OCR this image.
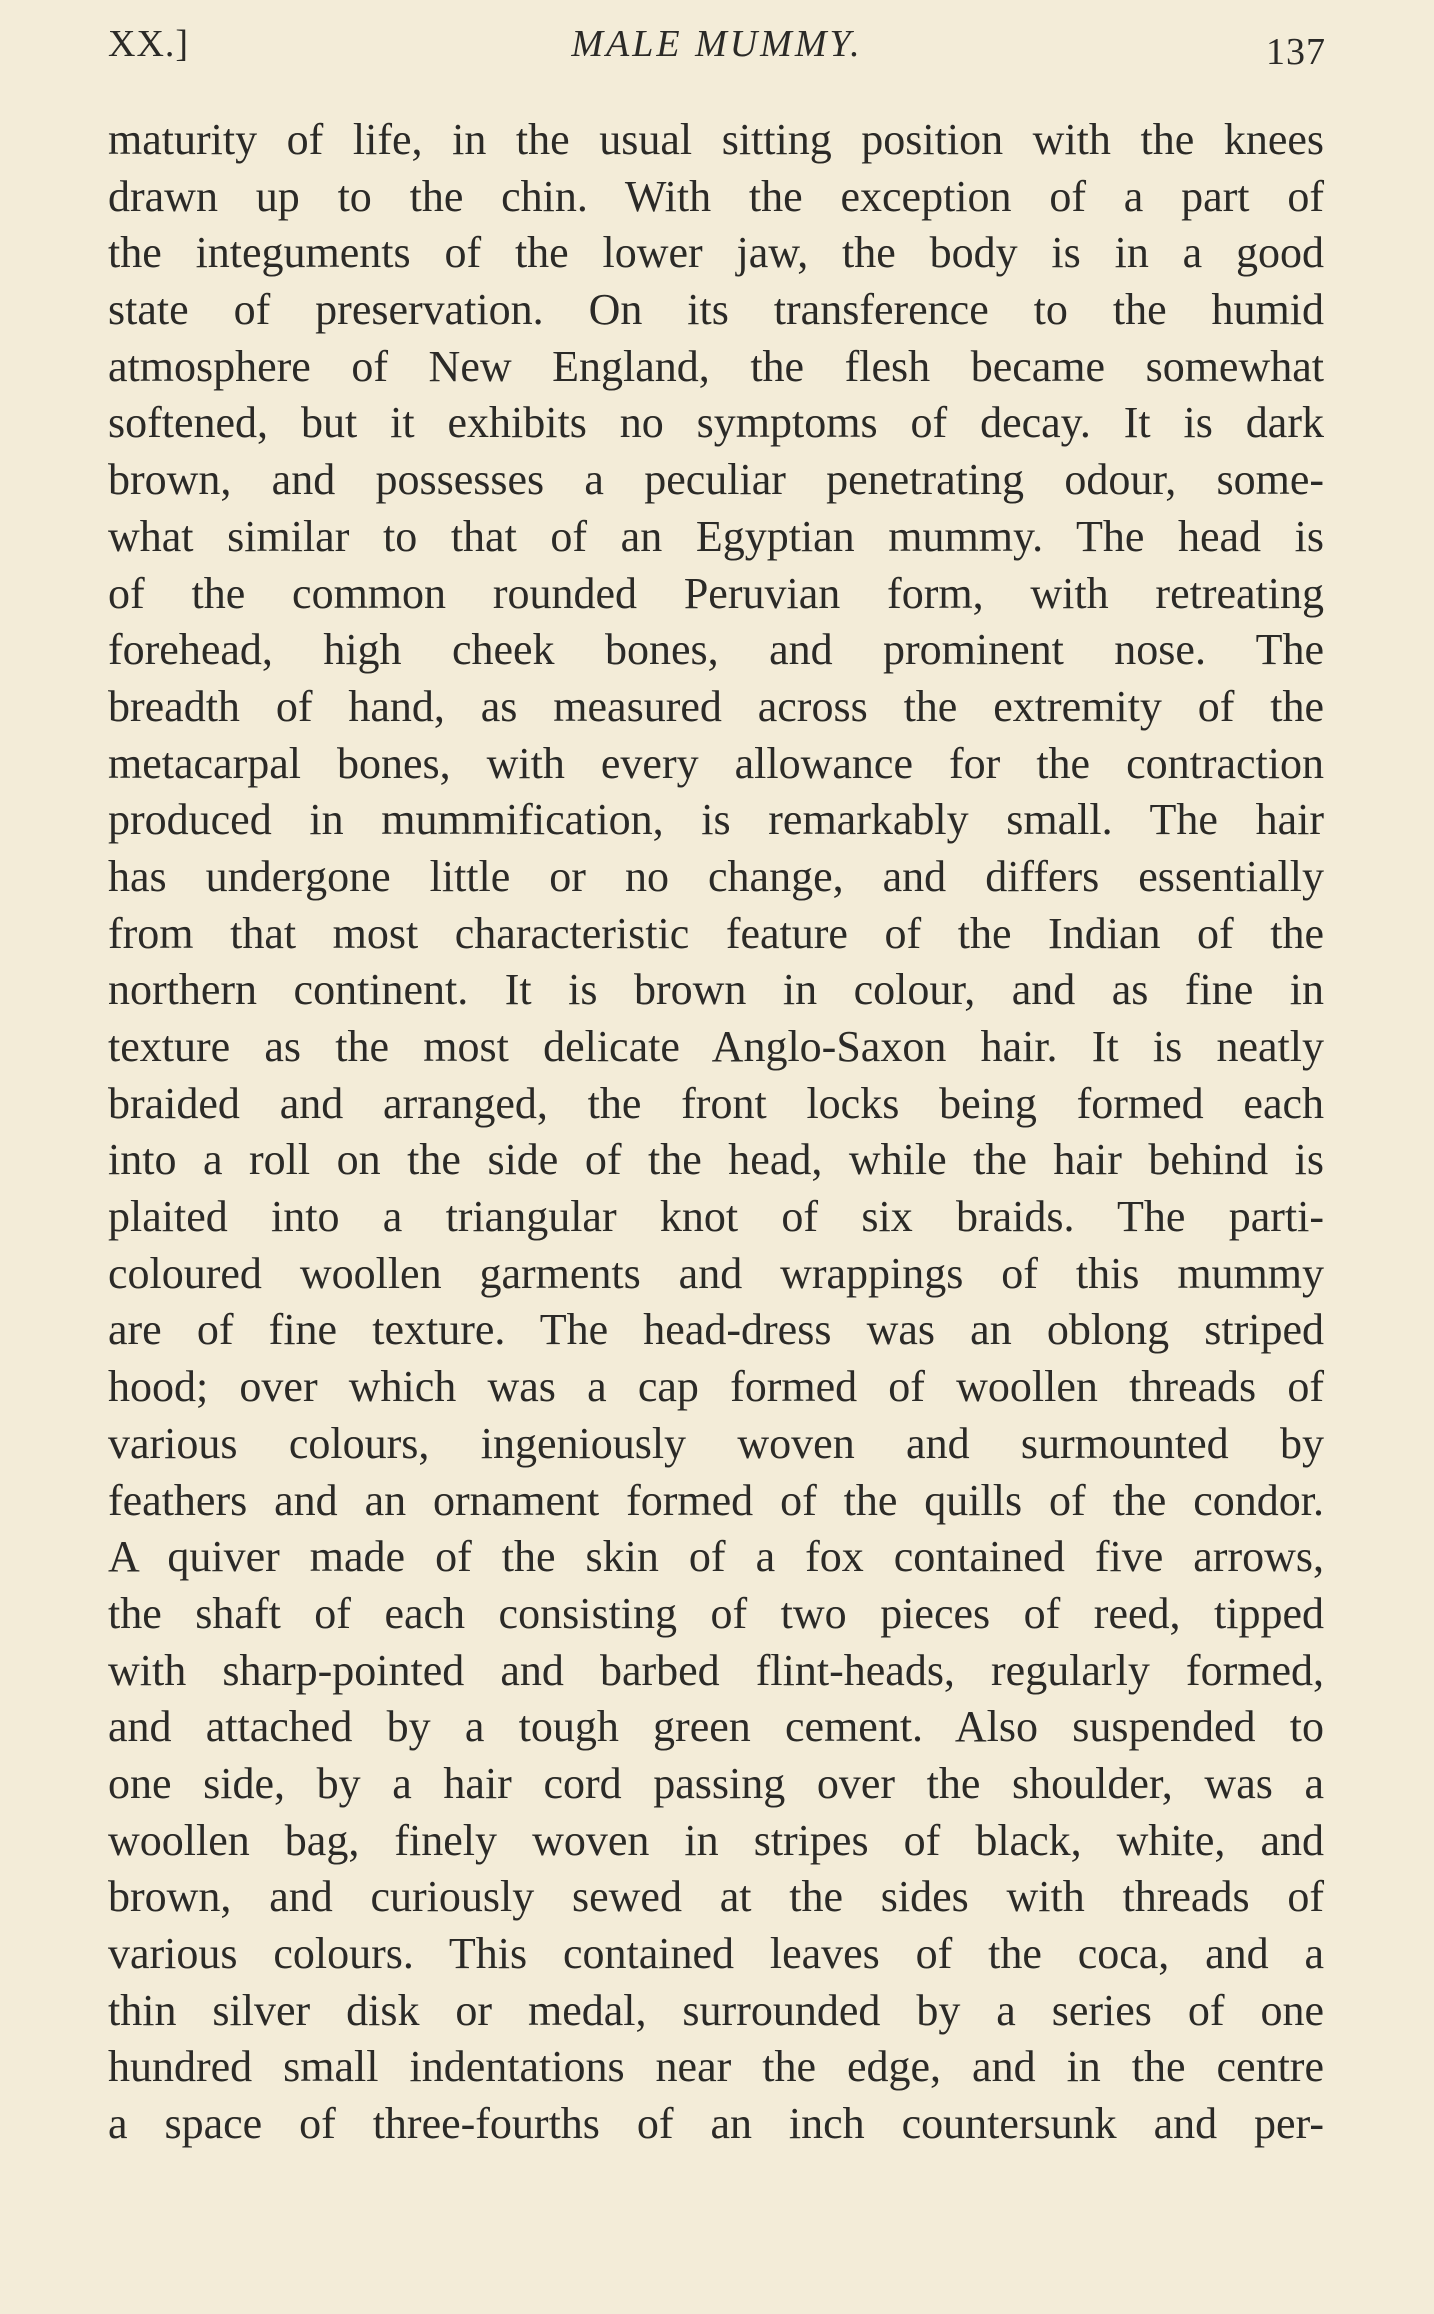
XX.]	MALE MUMMY.	137
maturity of life, in the usual sitting position with the knees
drawn up to the chin. With the exception of a part of
the integuments of the lower jaw, the body is in a good
state of preservation. On its transference to the humid
atmosphere of New England, the flesh became somewhat
softened, but it exhibits no symptoms of decay. It is dark
brown, and possesses a peculiar penetrating odour, some-
what similar to that of an Egyptian mummy. The head is
of the common rounded Peruvian form, with retreating
forehead, high cheek bones, and prominent nose. The
breadth of hand, as measured across the extremity of the
metacarpal bones, with every allowance for the contraction
produced in mummification, is remarkably small. The hair
has undergone little or no change, and differs essentially
from that most characteristic feature of the Indian of the
northern continent. It is brown in colour, and as fine in
texture as the most delicate Anglo-Saxon hair. It is neatly
braided and arranged, the front locks being formed each
into a roll on the side of the head, while the hair behind is
plaited into a triangular knot of six braids. The parti-
coloured woollen garments and wrappings of this mummy
are of fine texture. The head-dress was an oblong striped
hood; over which was a cap formed of woollen threads of
various colours, ingeniously woven and surmounted by
feathers and an ornament formed of the quills of the condor.
A quiver made of the skin of a fox contained five arrows,
the shaft of each consisting of two pieces of reed, tipped
with sharp-pointed and barbed flint-heads, regularly formed,
and attached by a tough green cement. Also suspended to
one side, by a hair cord passing over the shoulder, was a
woollen bag, finely woven in stripes of black, white, and
brown, and curiously sewed at the sides with threads of
various colours. This contained leaves of the coca, and a
thin silver disk or medal, surrounded by a series of one
hundred small indentations near the edge, and in the centre
a space of three-fourths of an inch countersunk and per-
